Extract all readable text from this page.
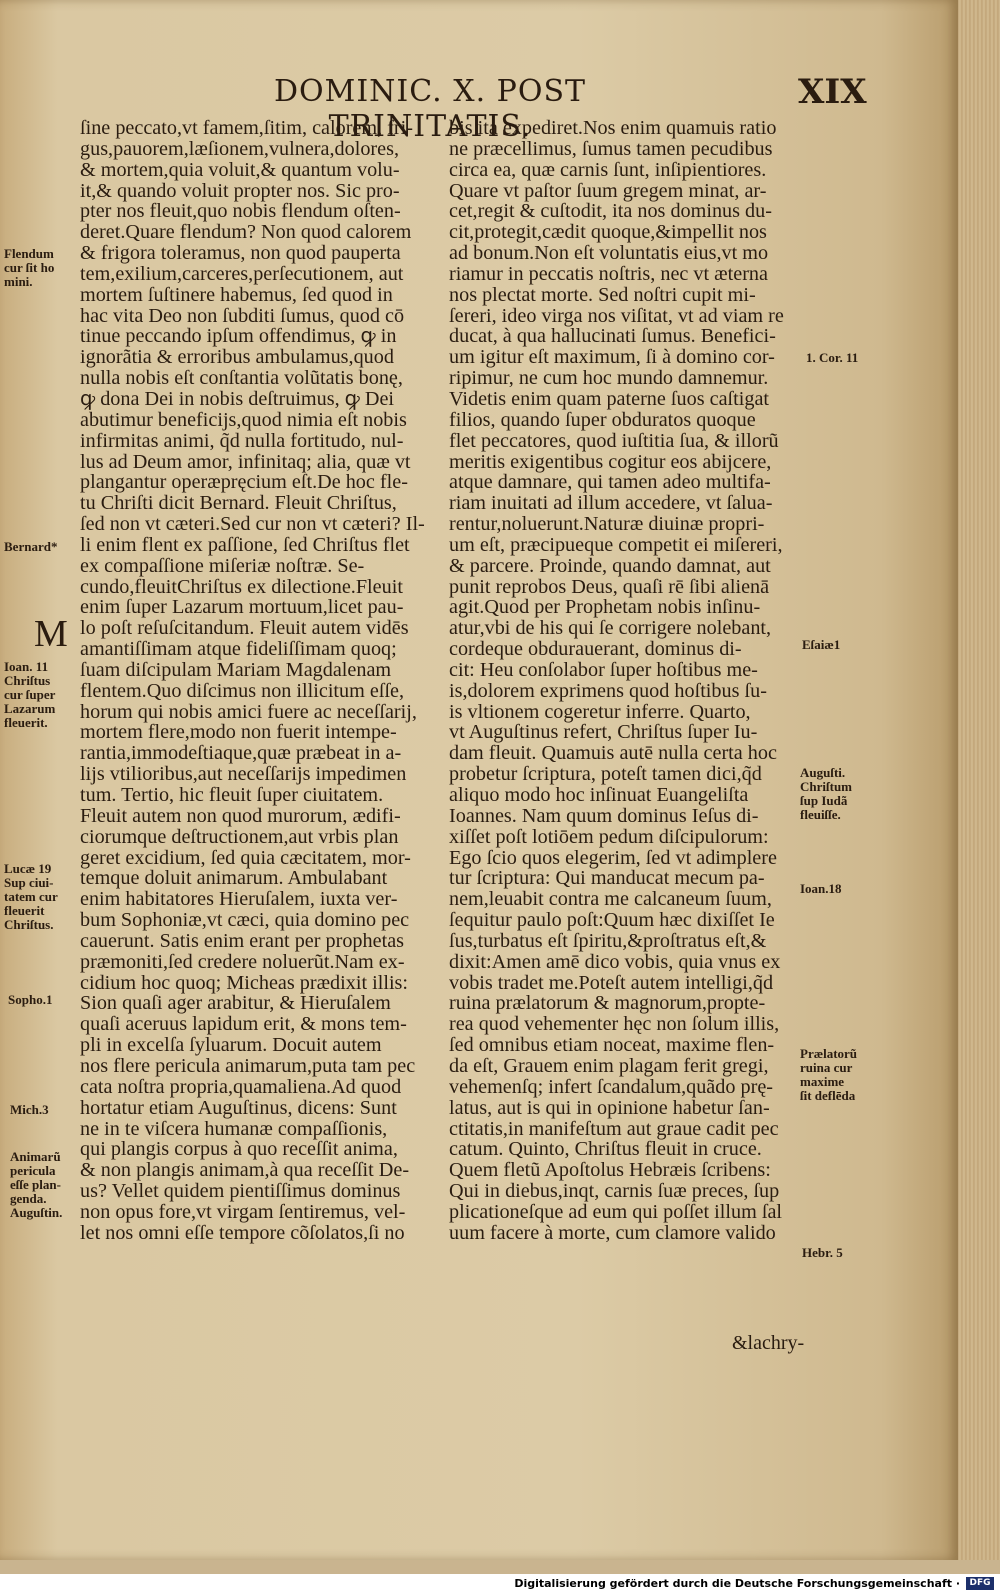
DOMINIC. X. POST TRINITATIS.
XIX
ſine peccato,vt famem,ſitim, calorem, fri-
gus,pauorem,læſionem,vulnera,dolores,
& mortem,quia voluit,& quantum volu-
it,& quando voluit propter nos. Sic pro-
pter nos fleuit,quo nobis flendum oſten-
deret.Quare flendum? Non quod calorem
& frigora toleramus, non quod pauperta
tem,exilium,carceres,perſecutionem, aut
mortem ſuſtinere habemus, ſed quod in
hac vita Deo non ſubditi ſumus, quod cō
tinue peccando ipſum offendimus, ꝙ in
ignorãtia & erroribus ambulamus,quod
nulla nobis eſt conſtantia volũtatis bonę,
ꝙ dona Dei in nobis deſtruimus, ꝙ Dei
abutimur beneficijs,quod nimia eſt nobis
infirmitas animi, q̃d nulla fortitudo, nul-
lus ad Deum amor, infinitaq; alia, quæ vt
plangantur operæpręcium eſt.De hoc fle-
tu Chriſti dicit Bernard. Fleuit Chriſtus,
ſed non vt cæteri.Sed cur non vt cæteri? Il-
li enim flent ex paſſione, ſed Chriſtus flet
ex compaſſione miſeriæ noſtræ. Se-
cundo,fleuitChriſtus ex dilectione.Fleuit
enim ſuper Lazarum mortuum,licet pau-
lo poſt reſuſcitandum. Fleuit autem vidēs
amantiſſimam atque fideliſſimam quoq;
ſuam diſcipulam Mariam Magdalenam
flentem.Quo diſcimus non illicitum eſſe,
horum qui nobis amici fuere ac neceſſarij,
mortem flere,modo non fuerit intempe-
rantia,immodeſtiaque,quæ præbeat in a-
lijs vtilioribus,aut neceſſarijs impedimen
tum. Tertio, hic fleuit ſuper ciuitatem.
Fleuit autem non quod murorum, ædifi-
ciorumque deſtructionem,aut vrbis plan
geret excidium, ſed quia cæcitatem, mor-
temque doluit animarum. Ambulabant
enim habitatores Hieruſalem, iuxta ver-
bum Sophoniæ,vt cæci, quia domino pec
cauerunt. Satis enim erant per prophetas
præmoniti,ſed credere noluerũt.Nam ex-
cidium hoc quoq; Micheas prædixit illis:
Sion quaſi ager arabitur, & Hieruſalem
quaſi aceruus lapidum erit, & mons tem-
pli in excelſa ſyluarum. Docuit autem
nos flere pericula animarum,puta tam pec
cata noſtra propria,quamaliena.Ad quod
hortatur etiam Auguſtinus, dicens: Sunt
ne in te viſcera humanæ compaſſionis,
qui plangis corpus à quo receſſit anima,
& non plangis animam,à qua receſſit De-
us? Vellet quidem pientiſſimus dominus
non opus fore,vt virgam ſentiremus, vel-
let nos omni eſſe tempore cõſolatos,ſi no
bis ita expediret.Nos enim quamuis ratio
ne præcellimus, ſumus tamen pecudibus
circa ea, quæ carnis ſunt, inſipientiores.
Quare vt paſtor ſuum gregem minat, ar-
cet,regit & cuſtodit, ita nos dominus du-
cit,protegit,cædit quoque,&impellit nos
ad bonum.Non eſt voluntatis eius,vt mo
riamur in peccatis noſtris, nec vt æterna
nos plectat morte. Sed noſtri cupit mi-
ſereri, ideo virga nos viſitat, vt ad viam re
ducat, à qua hallucinati ſumus. Benefici-
um igitur eſt maximum, ſi à domino cor-
ripimur, ne cum hoc mundo damnemur.
Videtis enim quam paterne ſuos caſtigat
filios, quando ſuper obduratos quoque
flet peccatores, quod iuſtitia ſua, & illorũ
meritis exigentibus cogitur eos abijcere,
atque damnare, qui tamen adeo multifa-
riam inuitati ad illum accedere, vt ſalua-
rentur,noluerunt.Naturæ diuinæ propri-
um eſt, præcipueque competit ei miſereri,
& parcere. Proinde, quando damnat, aut
punit reprobos Deus, quaſi rē ſibi alienā
agit.Quod per Prophetam nobis inſinu-
atur,vbi de his qui ſe corrigere nolebant,
cordeque obdurauerant, dominus di-
cit: Heu conſolabor ſuper hoſtibus me-
is,dolorem exprimens quod hoſtibus ſu-
is vltionem cogeretur inferre. Quarto,
vt Auguſtinus refert, Chriſtus ſuper Iu-
dam fleuit. Quamuis autē nulla certa hoc
probetur ſcriptura, poteſt tamen dici,q̃d
aliquo modo hoc inſinuat Euangeliſta
Ioannes. Nam quum dominus Ieſus di-
xiſſet poſt lotiōem pedum diſcipulorum:
Ego ſcio quos elegerim, ſed vt adimplere
tur ſcriptura: Qui manducat mecum pa-
nem,leuabit contra me calcaneum ſuum,
ſequitur paulo poſt:Quum hæc dixiſſet Ie
ſus,turbatus eſt ſpiritu,&proſtratus eſt,&
dixit:Amen amē dico vobis, quia vnus ex
vobis tradet me.Poteſt autem intelligi,q̃d
ruina prælatorum & magnorum,propte-
rea quod vehementer hęc non ſolum illis,
ſed omnibus etiam noceat, maxime flen-
da eſt, Grauem enim plagam ferit gregi,
vehemenſq; infert ſcandalum,quãdo prę-
latus, aut is qui in opinione habetur ſan-
ctitatis,in manifeſtum aut graue cadit pec
catum. Quinto, Chriſtus fleuit in cruce.
Quem fletũ Apoſtolus Hebræis ſcribens:
Qui in diebus,inqt, carnis ſuæ preces, ſup
plicationeſque ad eum qui poſſet illum ſal
uum facere à morte, cum clamore valido
M
Flendum
cur ſit ho
mini.
Bernard*
Ioan. 11
Chriſtus
cur ſuper
Lazarum
fleuerit.
Lucæ 19
Sup ciui-
tatem cur
fleuerit
Chriſtus.
Sopho.1
Mich.3
Animarũ
pericula
eſſe plan-
genda.
Auguſtin.
1. Cor. 11
Eſaiæ1
Auguſti.
Chriſtum
ſup Iudã
fleuiſſe.
Ioan.18
Prælatorũ
ruina cur
maxime
ſit deflēda
Hebr. 5
&lachry-
Digitalisierung gefördert durch die Deutsche Forschungsgemeinschaft ·	DFG
